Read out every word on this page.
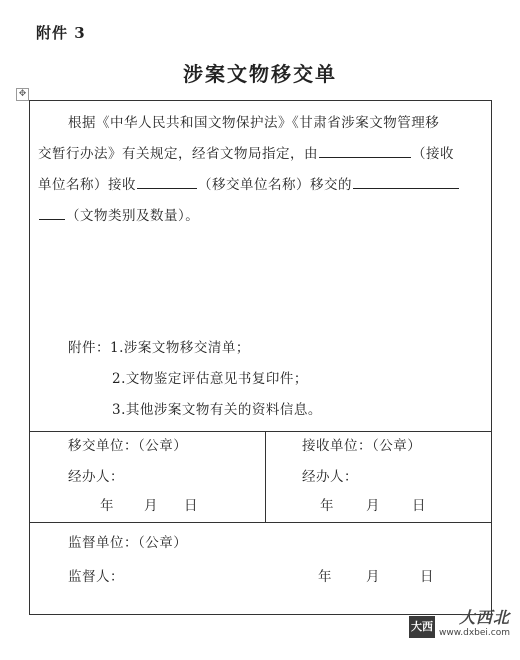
附件 3
涉案文物移交单
✥
根据《中华人民共和国文物保护法》《甘肃省涉案文物管理移
交暂行办法》有关规定，经省文物局指定，由	（接收
单位名称）接收	（移交单位名称）移交的
（文物类别及数量）。
附件：1.涉案文物移交清单；
2.文物鉴定评估意见书复印件；
3.其他涉案文物有关的资料信息。
移交单位：（公章）
经办人：
年 月 日
接收单位：（公章）
经办人：
年 月 日
监督单位：（公章）
监督人：	年	月	日
大西北
大西北
www.dxbei.com
